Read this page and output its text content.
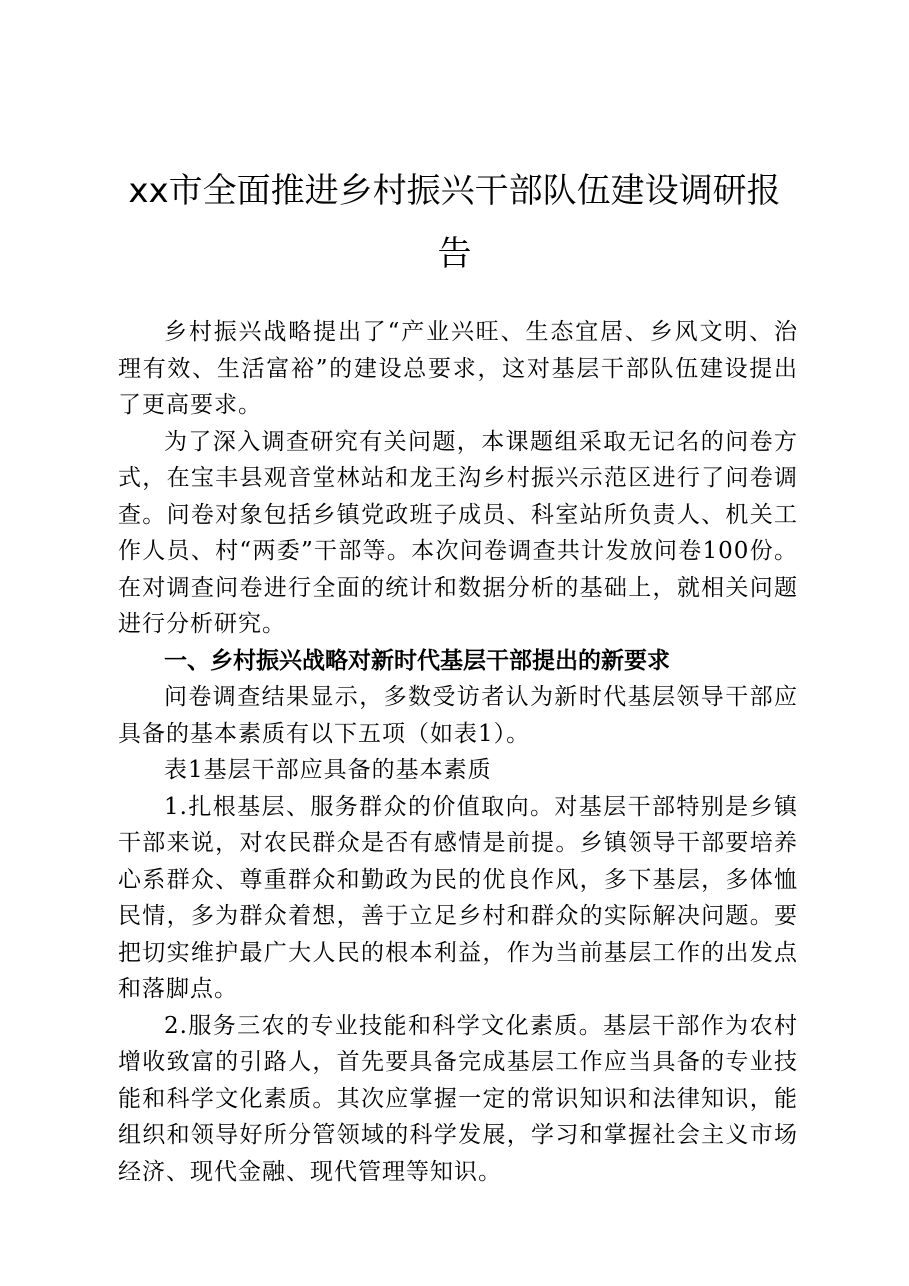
xx市全面推进乡村振兴干部队伍建设调研报告

乡村振兴战略提出了“产业兴旺、生态宜居、乡风文明、治理有效、生活富裕”的建设总要求，这对基层干部队伍建设提出了更高要求。

为了深入调查研究有关问题，本课题组采取无记名的问卷方式，在宝丰县观音堂林站和龙王沟乡村振兴示范区进行了问卷调查。问卷对象包括乡镇党政班子成员、科室站所负责人、机关工作人员、村“两委”干部等。本次问卷调查共计发放问卷100份。在对调查问卷进行全面的统计和数据分析的基础上，就相关问题进行分析研究。

一、乡村振兴战略对新时代基层干部提出的新要求

问卷调查结果显示，多数受访者认为新时代基层领导干部应具备的基本素质有以下五项（如表1）。

表1基层干部应具备的基本素质

1.扎根基层、服务群众的价值取向。对基层干部特别是乡镇干部来说，对农民群众是否有感情是前提。乡镇领导干部要培养心系群众、尊重群众和勤政为民的优良作风，多下基层，多体恤民情，多为群众着想，善于立足乡村和群众的实际解决问题。要把切实维护最广大人民的根本利益，作为当前基层工作的出发点和落脚点。

2.服务三农的专业技能和科学文化素质。基层干部作为农村增收致富的引路人，首先要具备完成基层工作应当具备的专业技能和科学文化素质。其次应掌握一定的常识知识和法律知识，能组织和领导好所分管领域的科学发展，学习和掌握社会主义市场经济、现代金融、现代管理等知识。
